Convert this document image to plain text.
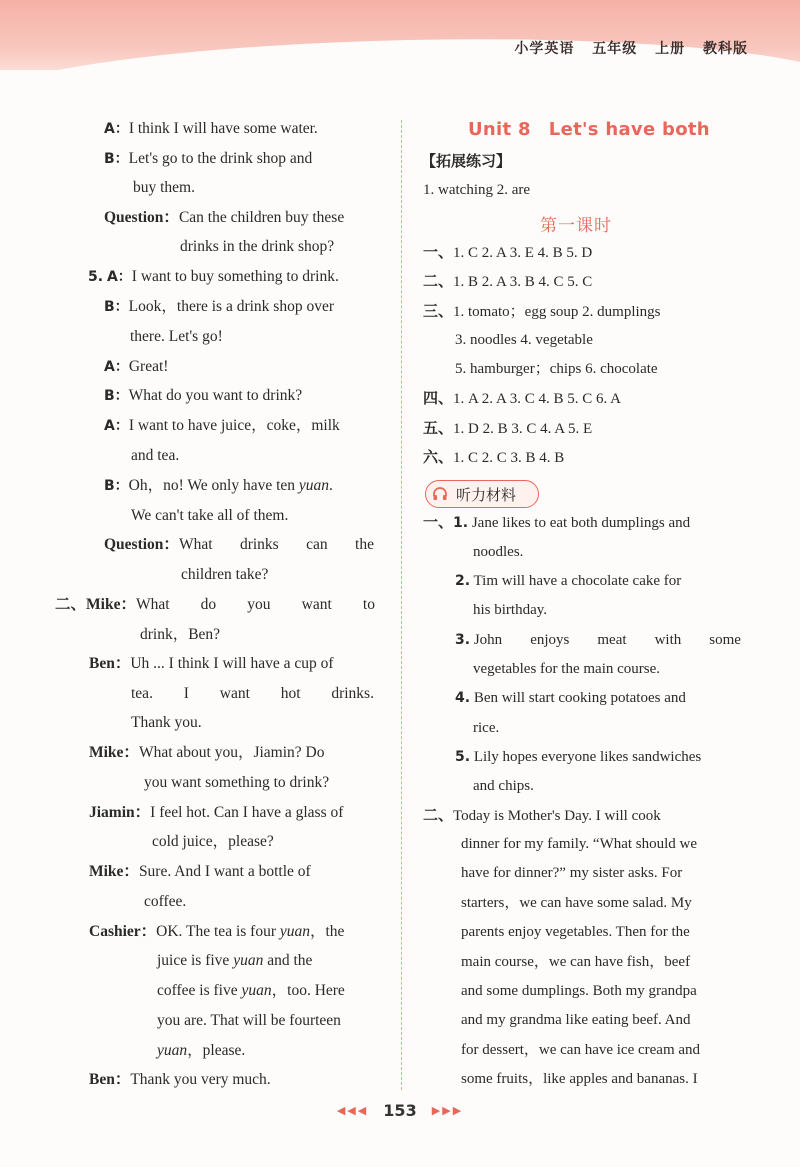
小学英语 五年级 上册 教科版
A：I think I will have some water.
B：Let's go to the drink shop and
buy them.
Question：Can the children buy these
drinks in the drink shop?
5. A：I want to buy something to drink.
B：Look，there is a drink shop over
there. Let's go!
A：Great!
B：What do you want to drink?
A：I want to have juice，coke，milk
and tea.
B：Oh，no! We only have ten yuan.
We can't take all of them.
Question：What drinks can the
children take?
二、Mike：What do you want to
drink，Ben?
Ben：Uh ... I think I will have a cup of
tea. I want hot drinks.
Thank you.
Mike：What about you，Jiamin? Do
you want something to drink?
Jiamin：I feel hot. Can I have a glass of
cold juice，please?
Mike：Sure. And I want a bottle of
coffee.
Cashier：OK. The tea is four yuan，the
juice is five yuan and the
coffee is five yuan，too. Here
you are. That will be fourteen
yuan，please.
Ben：Thank you very much.
Unit 8 Let's have both
【拓展练习】
1. watching 2. are
第一课时
一、1. C 2. A 3. E 4. B 5. D
二、1. B 2. A 3. B 4. C 5. C
三、1. tomato；egg soup 2. dumplings
3. noodles 4. vegetable
5. hamburger；chips 6. chocolate
四、1. A 2. A 3. C 4. B 5. C 6. A
五、1. D 2. B 3. C 4. A 5. E
六、1. C 2. C 3. B 4. B
听力材料
一、1. Jane likes to eat both dumplings and
noodles.
2. Tim will have a chocolate cake for
his birthday.
3. John enjoys meat with some
vegetables for the main course.
4. Ben will start cooking potatoes and
rice.
5. Lily hopes everyone likes sandwiches
and chips.
二、Today is Mother's Day. I will cook
dinner for my family. “What should we
have for dinner?” my sister asks. For
starters，we can have some salad. My
parents enjoy vegetables. Then for the
main course，we can have fish，beef
and some dumplings. Both my grandpa
and my grandma like eating beef. And
for dessert，we can have ice cream and
some fruits，like apples and bananas. I
◀◀◀ 153 ▶▶▶
